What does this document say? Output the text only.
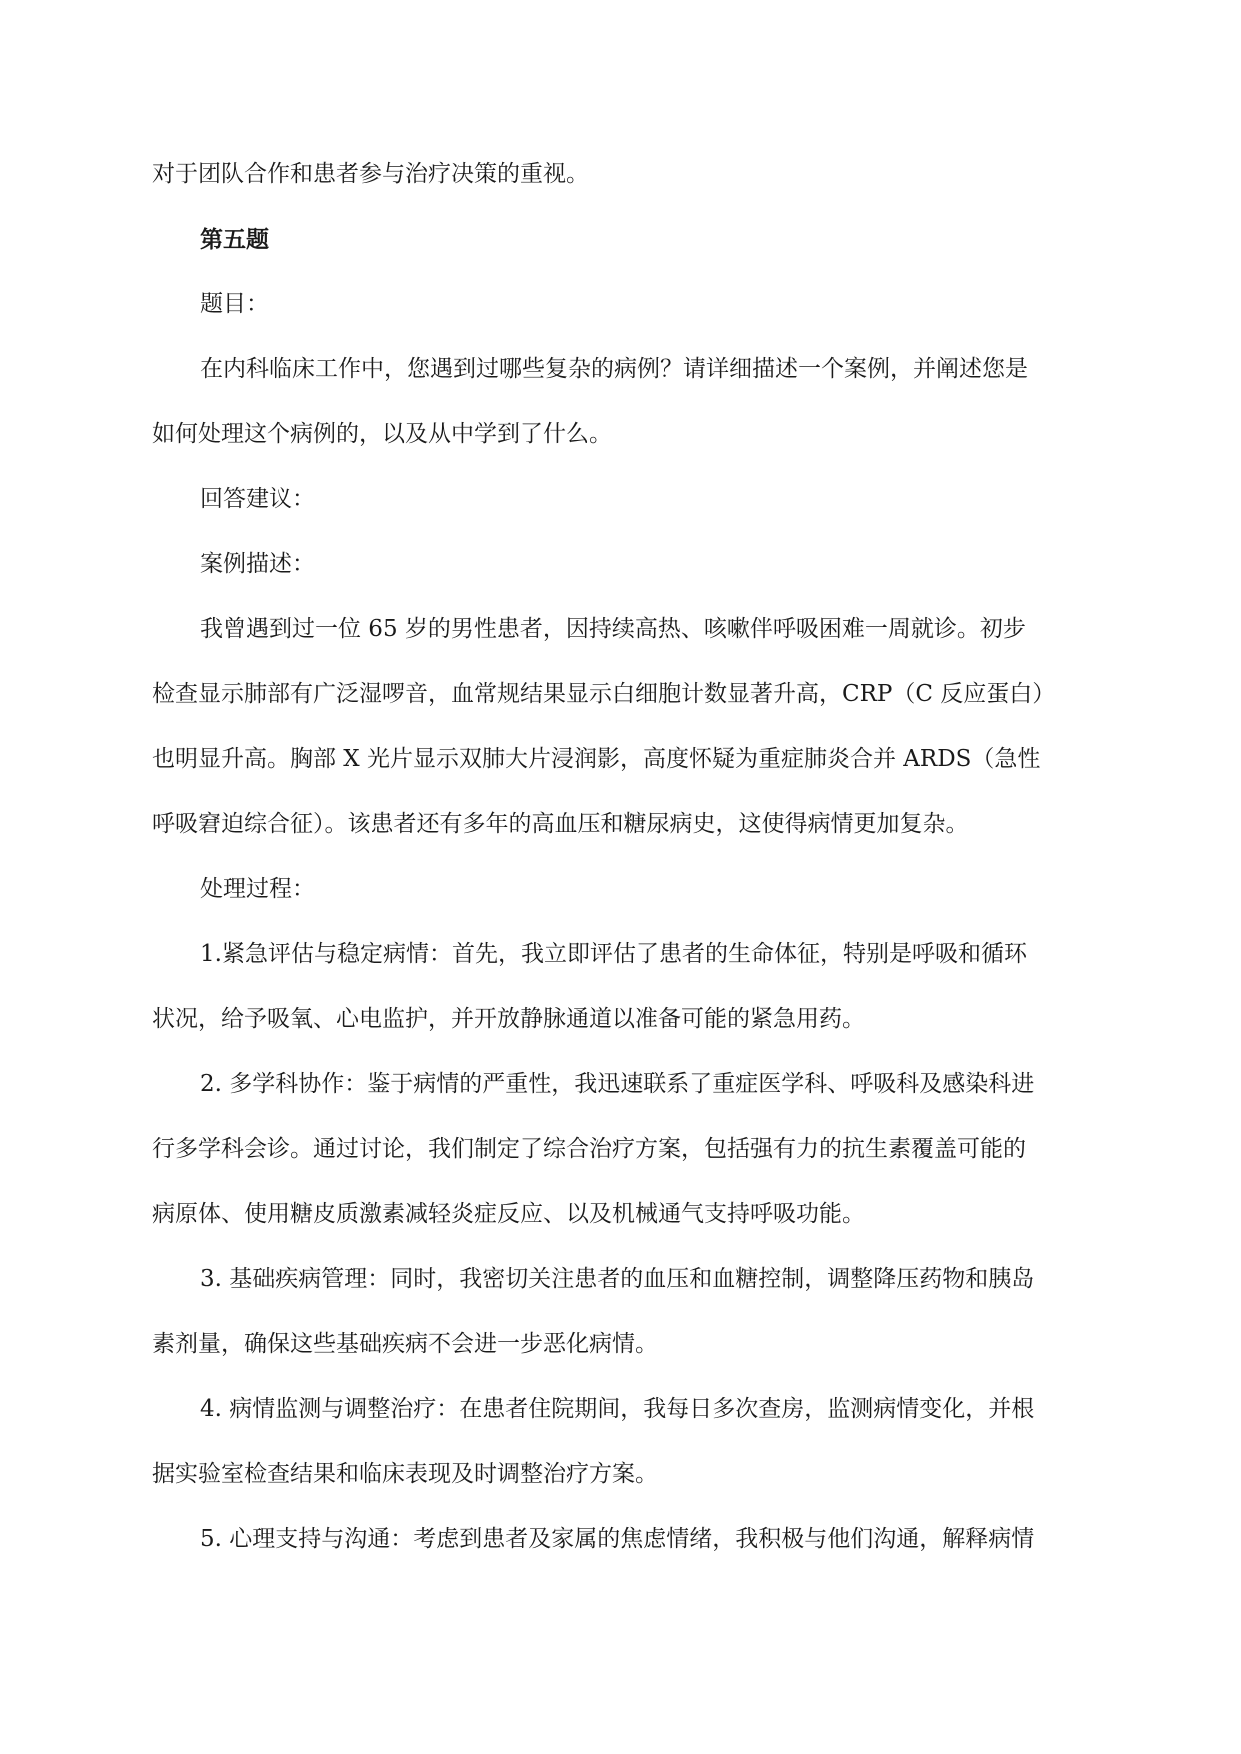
对于团队合作和患者参与治疗决策的重视。
第五题
题目：
在内科临床工作中，您遇到过哪些复杂的病例？请详细描述一个案例，并阐述您是
如何处理这个病例的，以及从中学到了什么。
回答建议：
案例描述：
我曾遇到过一位 65 岁的男性患者，因持续高热、咳嗽伴呼吸困难一周就诊。初步
检查显示肺部有广泛湿啰音，血常规结果显示白细胞计数显著升高，CRP（C 反应蛋白）
也明显升高。胸部 X 光片显示双肺大片浸润影，高度怀疑为重症肺炎合并 ARDS（急性
呼吸窘迫综合征）。该患者还有多年的高血压和糖尿病史，这使得病情更加复杂。
处理过程：
1.紧急评估与稳定病情：首先，我立即评估了患者的生命体征，特别是呼吸和循环
状况，给予吸氧、心电监护，并开放静脉通道以准备可能的紧急用药。
2. 多学科协作：鉴于病情的严重性，我迅速联系了重症医学科、呼吸科及感染科进
行多学科会诊。通过讨论，我们制定了综合治疗方案，包括强有力的抗生素覆盖可能的
病原体、使用糖皮质激素减轻炎症反应、以及机械通气支持呼吸功能。
3. 基础疾病管理：同时，我密切关注患者的血压和血糖控制，调整降压药物和胰岛
素剂量，确保这些基础疾病不会进一步恶化病情。
4. 病情监测与调整治疗：在患者住院期间，我每日多次查房，监测病情变化，并根
据实验室检查结果和临床表现及时调整治疗方案。
5. 心理支持与沟通：考虑到患者及家属的焦虑情绪，我积极与他们沟通，解释病情
